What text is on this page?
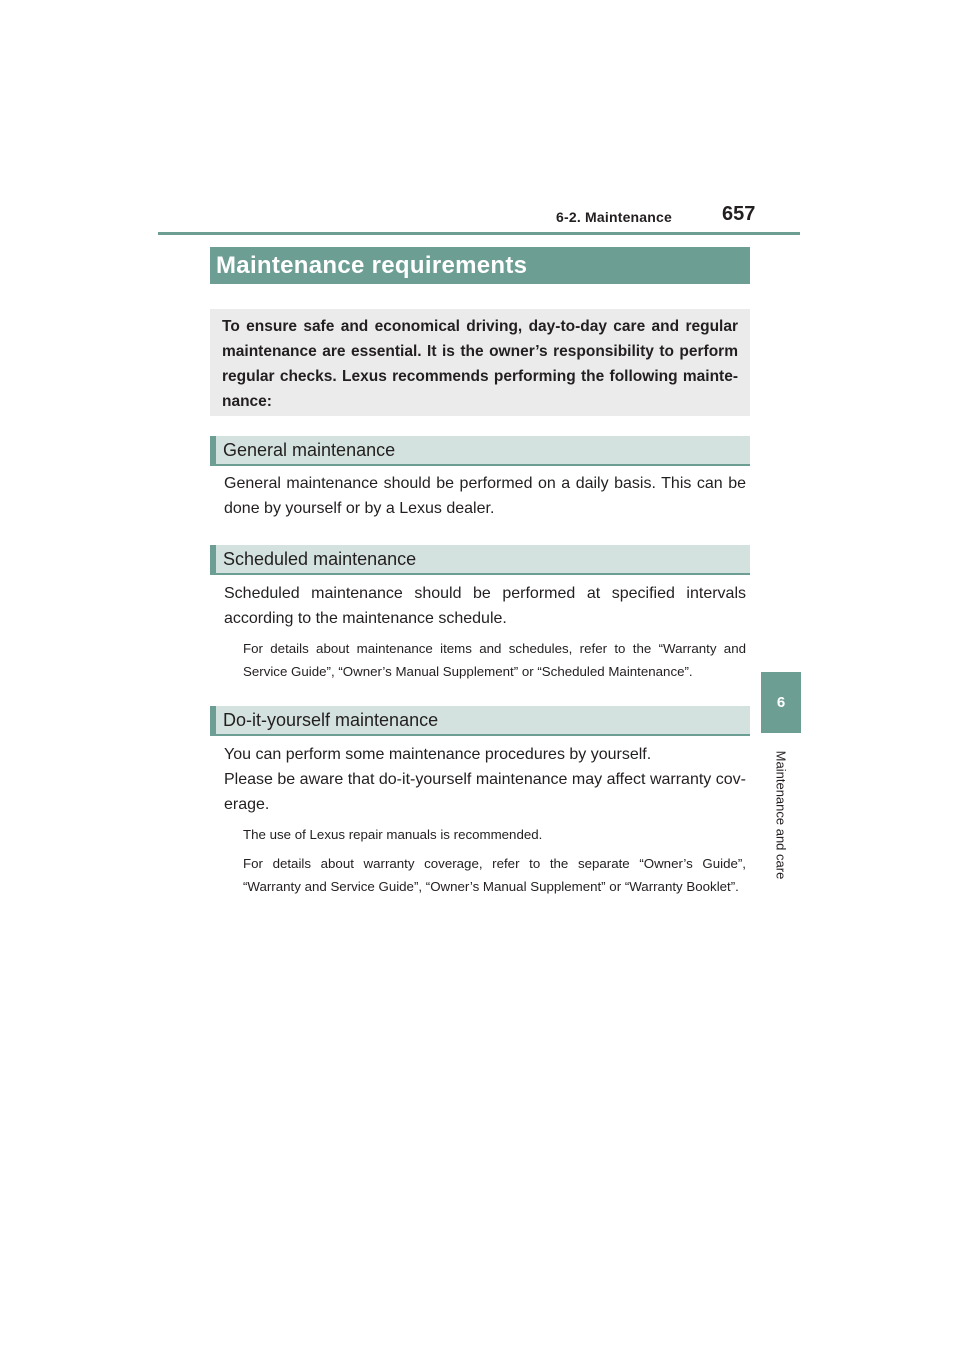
6-2. Maintenance 657
6
Maintenance and care
Maintenance requirements
To ensure safe and economical driving, day-to-day care and regular maintenance are essential. It is the owner’s responsibility to perform regular checks. Lexus recommends performing the following mainte-nance:
General maintenance

General maintenance should be performed on a daily basis. This can be done by yourself or by a Lexus dealer.

Scheduled maintenance

Scheduled maintenance should be performed at specified intervals according to the maintenance schedule.

For details about maintenance items and schedules, refer to the “Warranty and Service Guide”, “Owner’s Manual Supplement” or “Scheduled Maintenance”.
Do-it-yourself maintenance

You can perform some maintenance procedures by yourself.

Please be aware that do-it-yourself maintenance may affect warranty cov-erage.

The use of Lexus repair manuals is recommended.
For details about warranty coverage, refer to the separate “Owner’s Guide”, “Warranty and Service Guide”, “Owner’s Manual Supplement” or “Warranty Booklet”.
